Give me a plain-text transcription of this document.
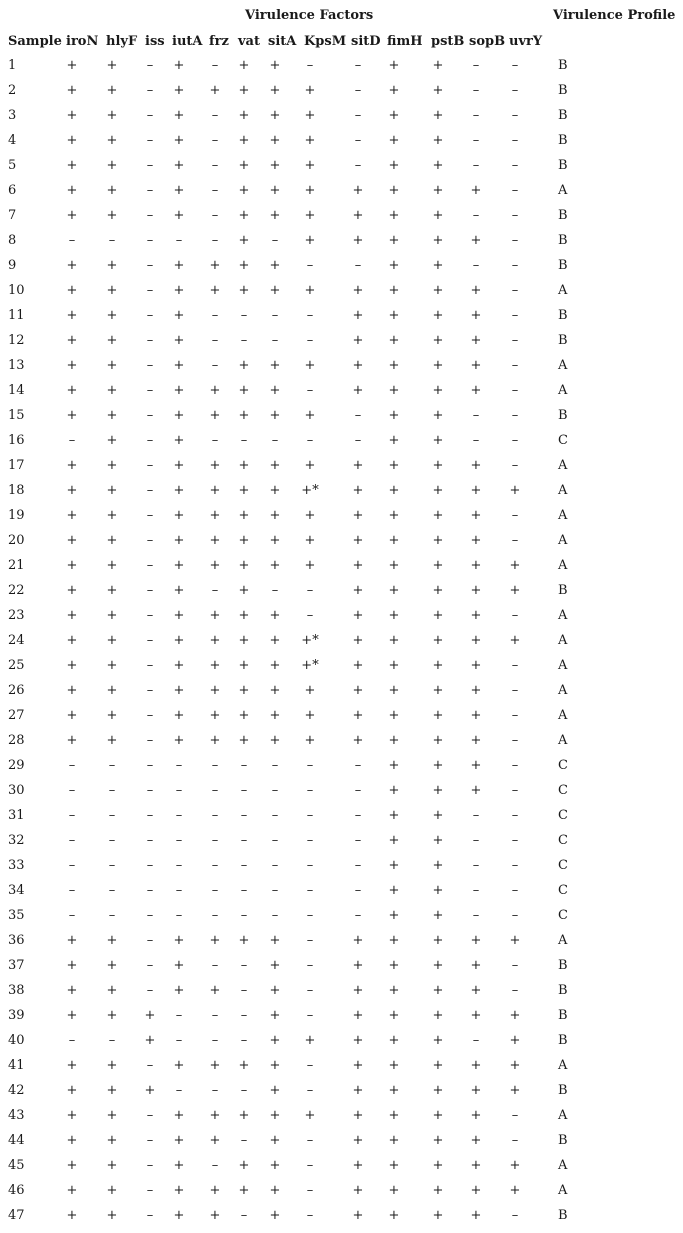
Virulence Factors	Virulence Profile
Sample iroN hlyF iss iutA frz vat sitA KpsM sitD fimH pstB sopB uvrY
1	+ + – + – + + –	– +	+ –	–	B
2	+ + – + + + + +	– +	+ –	–	B
3	+ + – + – + + +	– +	+ –	–	B
4	+ + – + – + + +	– +	+ –	–	B
5	+ + – + – + + +	– +	+ –	–	B
6	+ + – + – + + +	+ +	+ + –	A
7	+ + – + – + + +	+ +	+ –	–	B
8	–	– – – – + – +	+ +	+ + –	B
9	+ + – + + + + –	– +	+ –	–	B
10	+ + – + + + + +	+ +	+ + –	A
11	+ + – + – – – –	+ +	+ + –	B
12	+ + – + – – – –	+ +	+ + –	B
13	+ + – + – + + +	+ +	+ + –	A
14	+ + – + + + + –	+ +	+ + –	A
15	+ + – + + + + +	– +	+ –	–	B
16	– + – + – – – –	– +	+ –	–	C
17	+ + – + + + + +	+ +	+ + –	A
18	+ + – + + + + +*	+ +	+ + +	A
19	+ + – + + + + +	+ +	+ + –	A
20	+ + – + + + + +	+ +	+ + –	A
21	+ + – + + + + +	+ +	+ + +	A
22	+ + – + – + – –	+ +	+ + +	B
23	+ + – + + + + –	+ +	+ + –	A
24	+ + – + + + + +*	+ +	+ + +	A
25	+ + – + + + + +*	+ +	+ + –	A
26	+ + – + + + + +	+ +	+ + –	A
27	+ + – + + + + +	+ +	+ + –	A
28	+ + – + + + + +	+ +	+ + –	A
29	–	– – – – – – –	– +	+ + –	C
30	–	– – – – – – –	– +	+ + –	C
31	–	– – – – – – –	– +	+ –	–	C
32	–	– – – – – – –	– +	+ –	–	C
33	–	– – – – – – –	– +	+ –	–	C
34	–	– – – – – – –	– +	+ –	–	C
35	–	– – – – – – –	– +	+ –	–	C
36	+ + – + + + + –	+ +	+ + +	A
37	+ + – + – – + –	+ +	+ + –	B
38	+ + – + + – + –	+ +	+ + –	B
39	+ + + – – – + –	+ +	+ + +	B
40	–	– + – – – + +	+ +	+ – +	B
41	+ + – + + + + –	+ +	+ + +	A
42	+ + + – – – + –	+ +	+ + +	B
43	+ + – + + + + +	+ +	+ + –	A
44	+ + – + + – + –	+ +	+ + –	B
45	+ + – + – + + –	+ +	+ + +	A
46	+ + – + + + + –	+ +	+ + +	A
47	+ + – + + – + –	+ +	+ + –	B
